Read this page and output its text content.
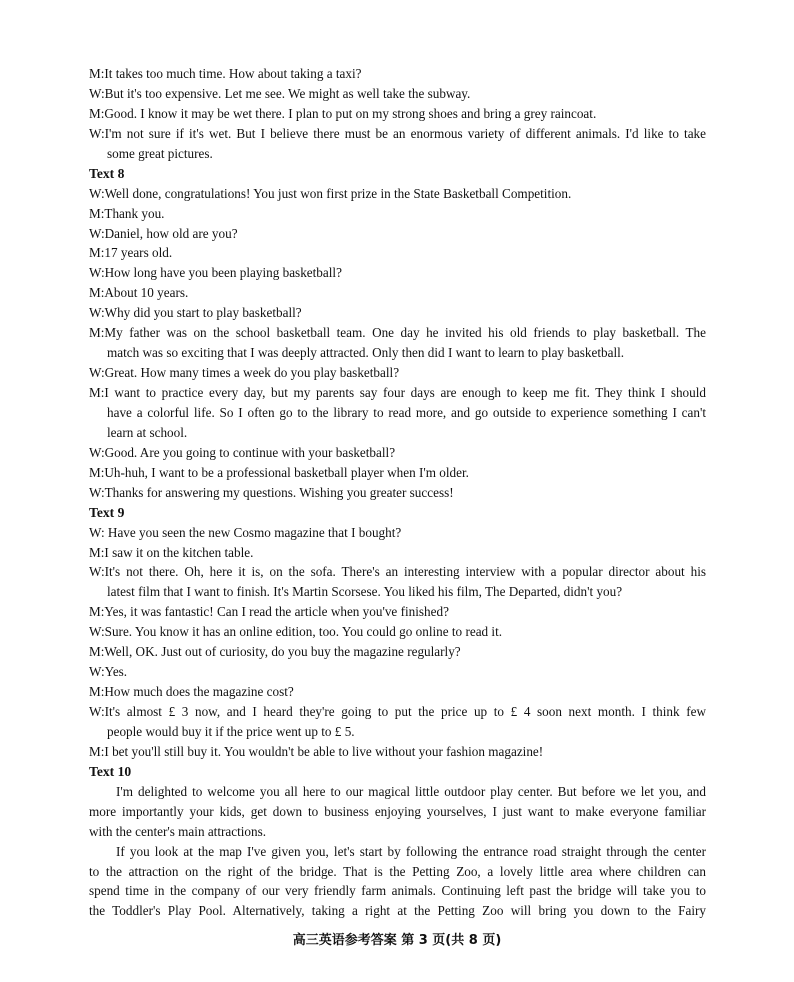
M:It takes too much time. How about taking a taxi?
W:But it's too expensive. Let me see. We might as well take the subway.
M:Good. I know it may be wet there. I plan to put on my strong shoes and bring a grey raincoat.
W:I'm not sure if it's wet. But I believe there must be an enormous variety of different animals. I'd like to take
some great pictures.
Text 8
W:Well done, congratulations! You just won first prize in the State Basketball Competition.
M:Thank you.
W:Daniel, how old are you?
M:17 years old.
W:How long have you been playing basketball?
M:About 10 years.
W:Why did you start to play basketball?
M:My father was on the school basketball team. One day he invited his old friends to play basketball. The
match was so exciting that I was deeply attracted. Only then did I want to learn to play basketball.
W:Great. How many times a week do you play basketball?
M:I want to practice every day, but my parents say four days are enough to keep me fit. They think I should
have a colorful life. So I often go to the library to read more, and go outside to experience something I can't
learn at school.
W:Good. Are you going to continue with your basketball?
M:Uh-huh, I want to be a professional basketball player when I'm older.
W:Thanks for answering my questions. Wishing you greater success!
Text 9
W: Have you seen the new Cosmo magazine that I bought?
M:I saw it on the kitchen table.
W:It's not there. Oh, here it is, on the sofa. There's an interesting interview with a popular director about his
latest film that I want to finish. It's Martin Scorsese. You liked his film, The Departed, didn't you?
M:Yes, it was fantastic! Can I read the article when you've finished?
W:Sure. You know it has an online edition, too. You could go online to read it.
M:Well, OK. Just out of curiosity, do you buy the magazine regularly?
W:Yes.
M:How much does the magazine cost?
W:It's almost £ 3 now, and I heard they're going to put the price up to £ 4 soon next month. I think few
people would buy it if the price went up to £ 5.
M:I bet you'll still buy it. You wouldn't be able to live without your fashion magazine!
Text 10
I'm delighted to welcome you all here to our magical little outdoor play center. But before we let you, and
more importantly your kids, get down to business enjoying yourselves, I just want to make everyone familiar
with the center's main attractions.
If you look at the map I've given you, let's start by following the entrance road straight through the center
to the attraction on the right of the bridge. That is the Petting Zoo, a lovely little area where children can
spend time in the company of our very friendly farm animals. Continuing left past the bridge will take you to
the Toddler's Play Pool. Alternatively, taking a right at the Petting Zoo will bring you down to the Fairy
高三英语参考答案 第 3 页(共 8 页)
